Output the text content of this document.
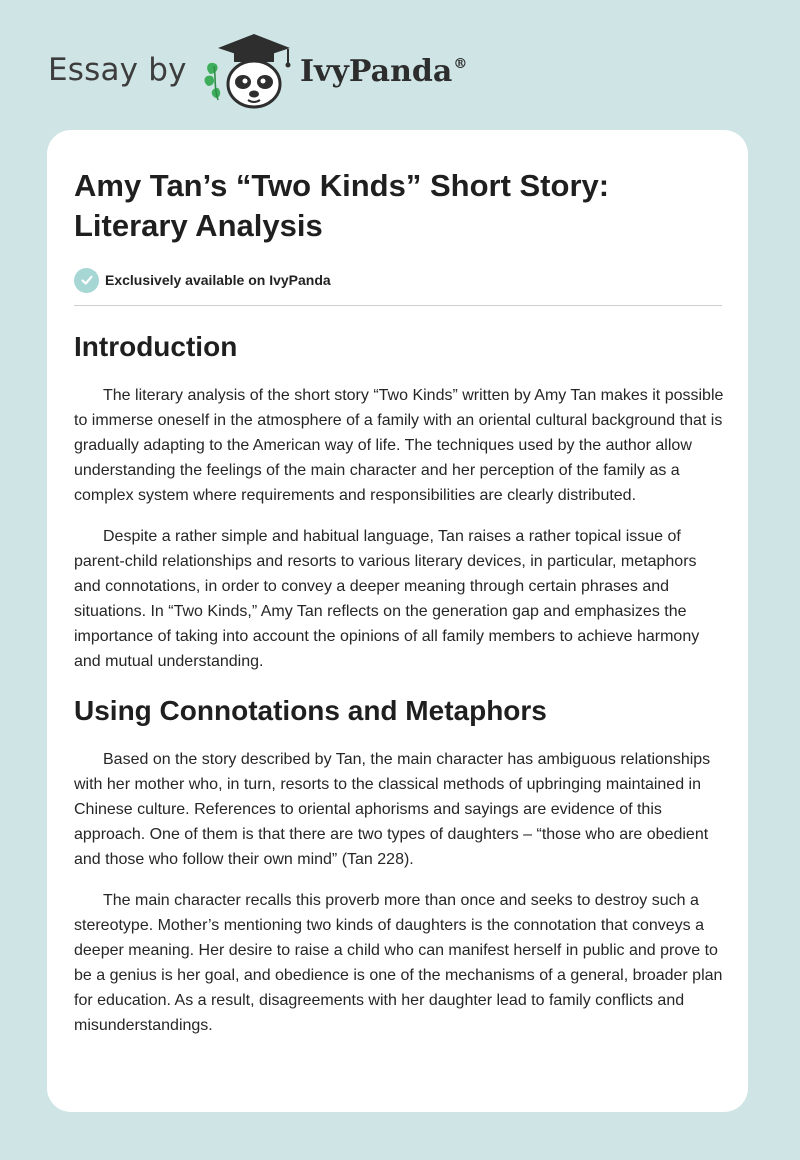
Essay by	IvyPanda®
Amy Tan’s “Two Kinds” Short Story: Literary Analysis
Exclusively available on IvyPanda
Introduction

The literary analysis of the short story “Two Kinds” written by Amy Tan makes it possible to immerse oneself in the atmosphere of a family with an oriental cultural background that is gradually adapting to the American way of life. The techniques used by the author allow understanding the feelings of the main character and her perception of the family as a complex system where requirements and responsibilities are clearly distributed.

Despite a rather simple and habitual language, Tan raises a rather topical issue of parent-child relationships and resorts to various literary devices, in particular, metaphors and connotations, in order to convey a deeper meaning through certain phrases and situations. In “Two Kinds,” Amy Tan reflects on the generation gap and emphasizes the importance of taking into account the opinions of all family members to achieve harmony and mutual understanding.

Using Connotations and Metaphors

Based on the story described by Tan, the main character has ambiguous relationships with her mother who, in turn, resorts to the classical methods of upbringing maintained in Chinese culture. References to oriental aphorisms and sayings are evidence of this approach. One of them is that there are two types of daughters – “those who are obedient and those who follow their own mind” (Tan 228).

The main character recalls this proverb more than once and seeks to destroy such a stereotype. Mother’s mentioning two kinds of daughters is the connotation that conveys a deeper meaning. Her desire to raise a child who can manifest herself in public and prove to be a genius is her goal, and obedience is one of the mechanisms of a general, broader plan for education. As a result, disagreements with her daughter lead to family conflicts and misunderstandings.
